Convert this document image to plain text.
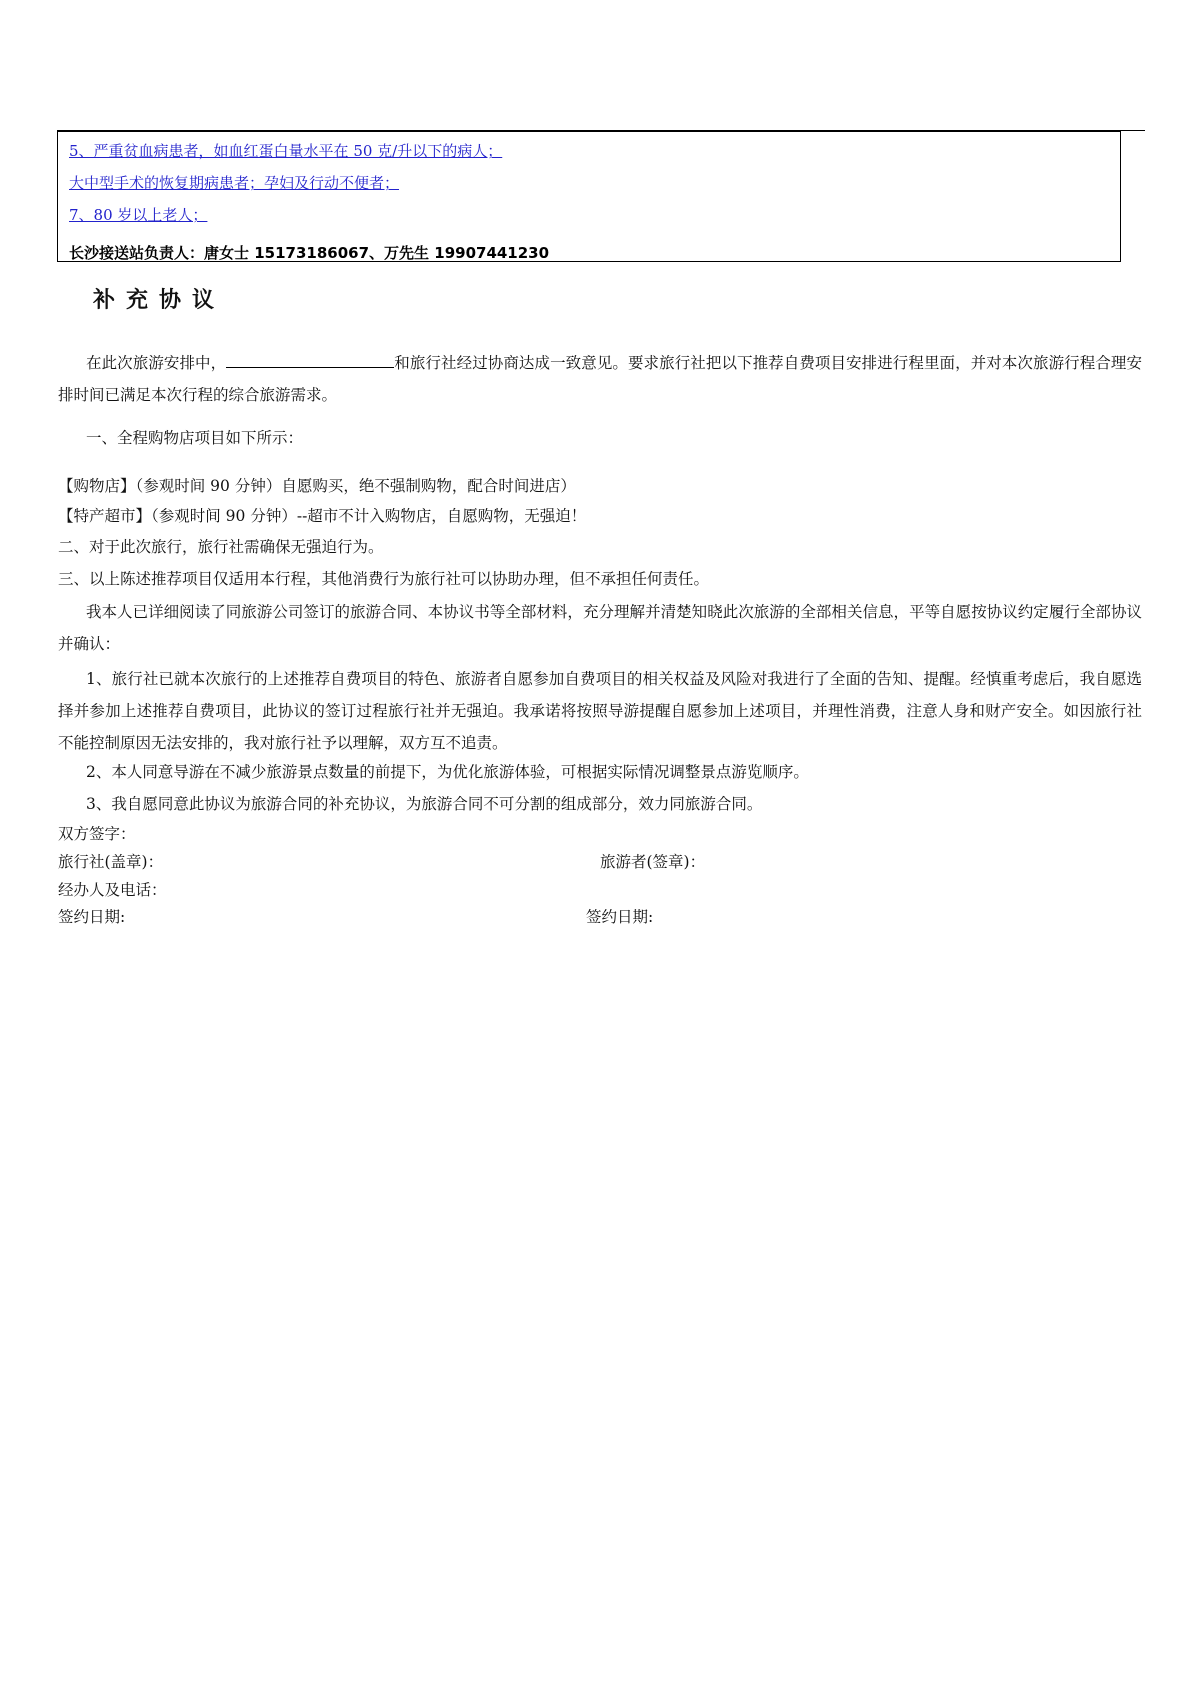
5、严重贫血病患者，如血红蛋白量水平在 50 克/升以下的病人；
大中型手术的恢复期病患者；孕妇及行动不便者；
7、80 岁以上老人；
长沙接送站负责人：唐女士 15173186067、万先生 19907441230
补充协议
在此次旅游安排中，	和旅行社经过协商达成一致意见。要求旅行社把以下推荐自费项目安排进行程里面，并对本次旅游行程合理安排时间已满足本次行程的综合旅游需求。
一、全程购物店项目如下所示：
【购物店】（参观时间 90 分钟）自愿购买，绝不强制购物，配合时间进店）
【特产超市】（参观时间 90 分钟）--超市不计入购物店，自愿购物，无强迫！
二、对于此次旅行，旅行社需确保无强迫行为。
三、以上陈述推荐项目仅适用本行程，其他消费行为旅行社可以协助办理，但不承担任何责任。
我本人已详细阅读了同旅游公司签订的旅游合同、本协议书等全部材料，充分理解并清楚知晓此次旅游的全部相关信息，平等自愿按协议约定履行全部协议并确认：
1、旅行社已就本次旅行的上述推荐自费项目的特色、旅游者自愿参加自费项目的相关权益及风险对我进行了全面的告知、提醒。经慎重考虑后，我自愿选择并参加上述推荐自费项目，此协议的签订过程旅行社并无强迫。我承诺将按照导游提醒自愿参加上述项目，并理性消费，注意人身和财产安全。如因旅行社不能控制原因无法安排的，我对旅行社予以理解，双方互不追责。
2、本人同意导游在不减少旅游景点数量的前提下，为优化旅游体验，可根据实际情况调整景点游览顺序。
3、我自愿同意此协议为旅游合同的补充协议，为旅游合同不可分割的组成部分，效力同旅游合同。
双方签字：
旅行社(盖章)：	旅游者(签章)：
经办人及电话：
签约日期:	签约日期:
